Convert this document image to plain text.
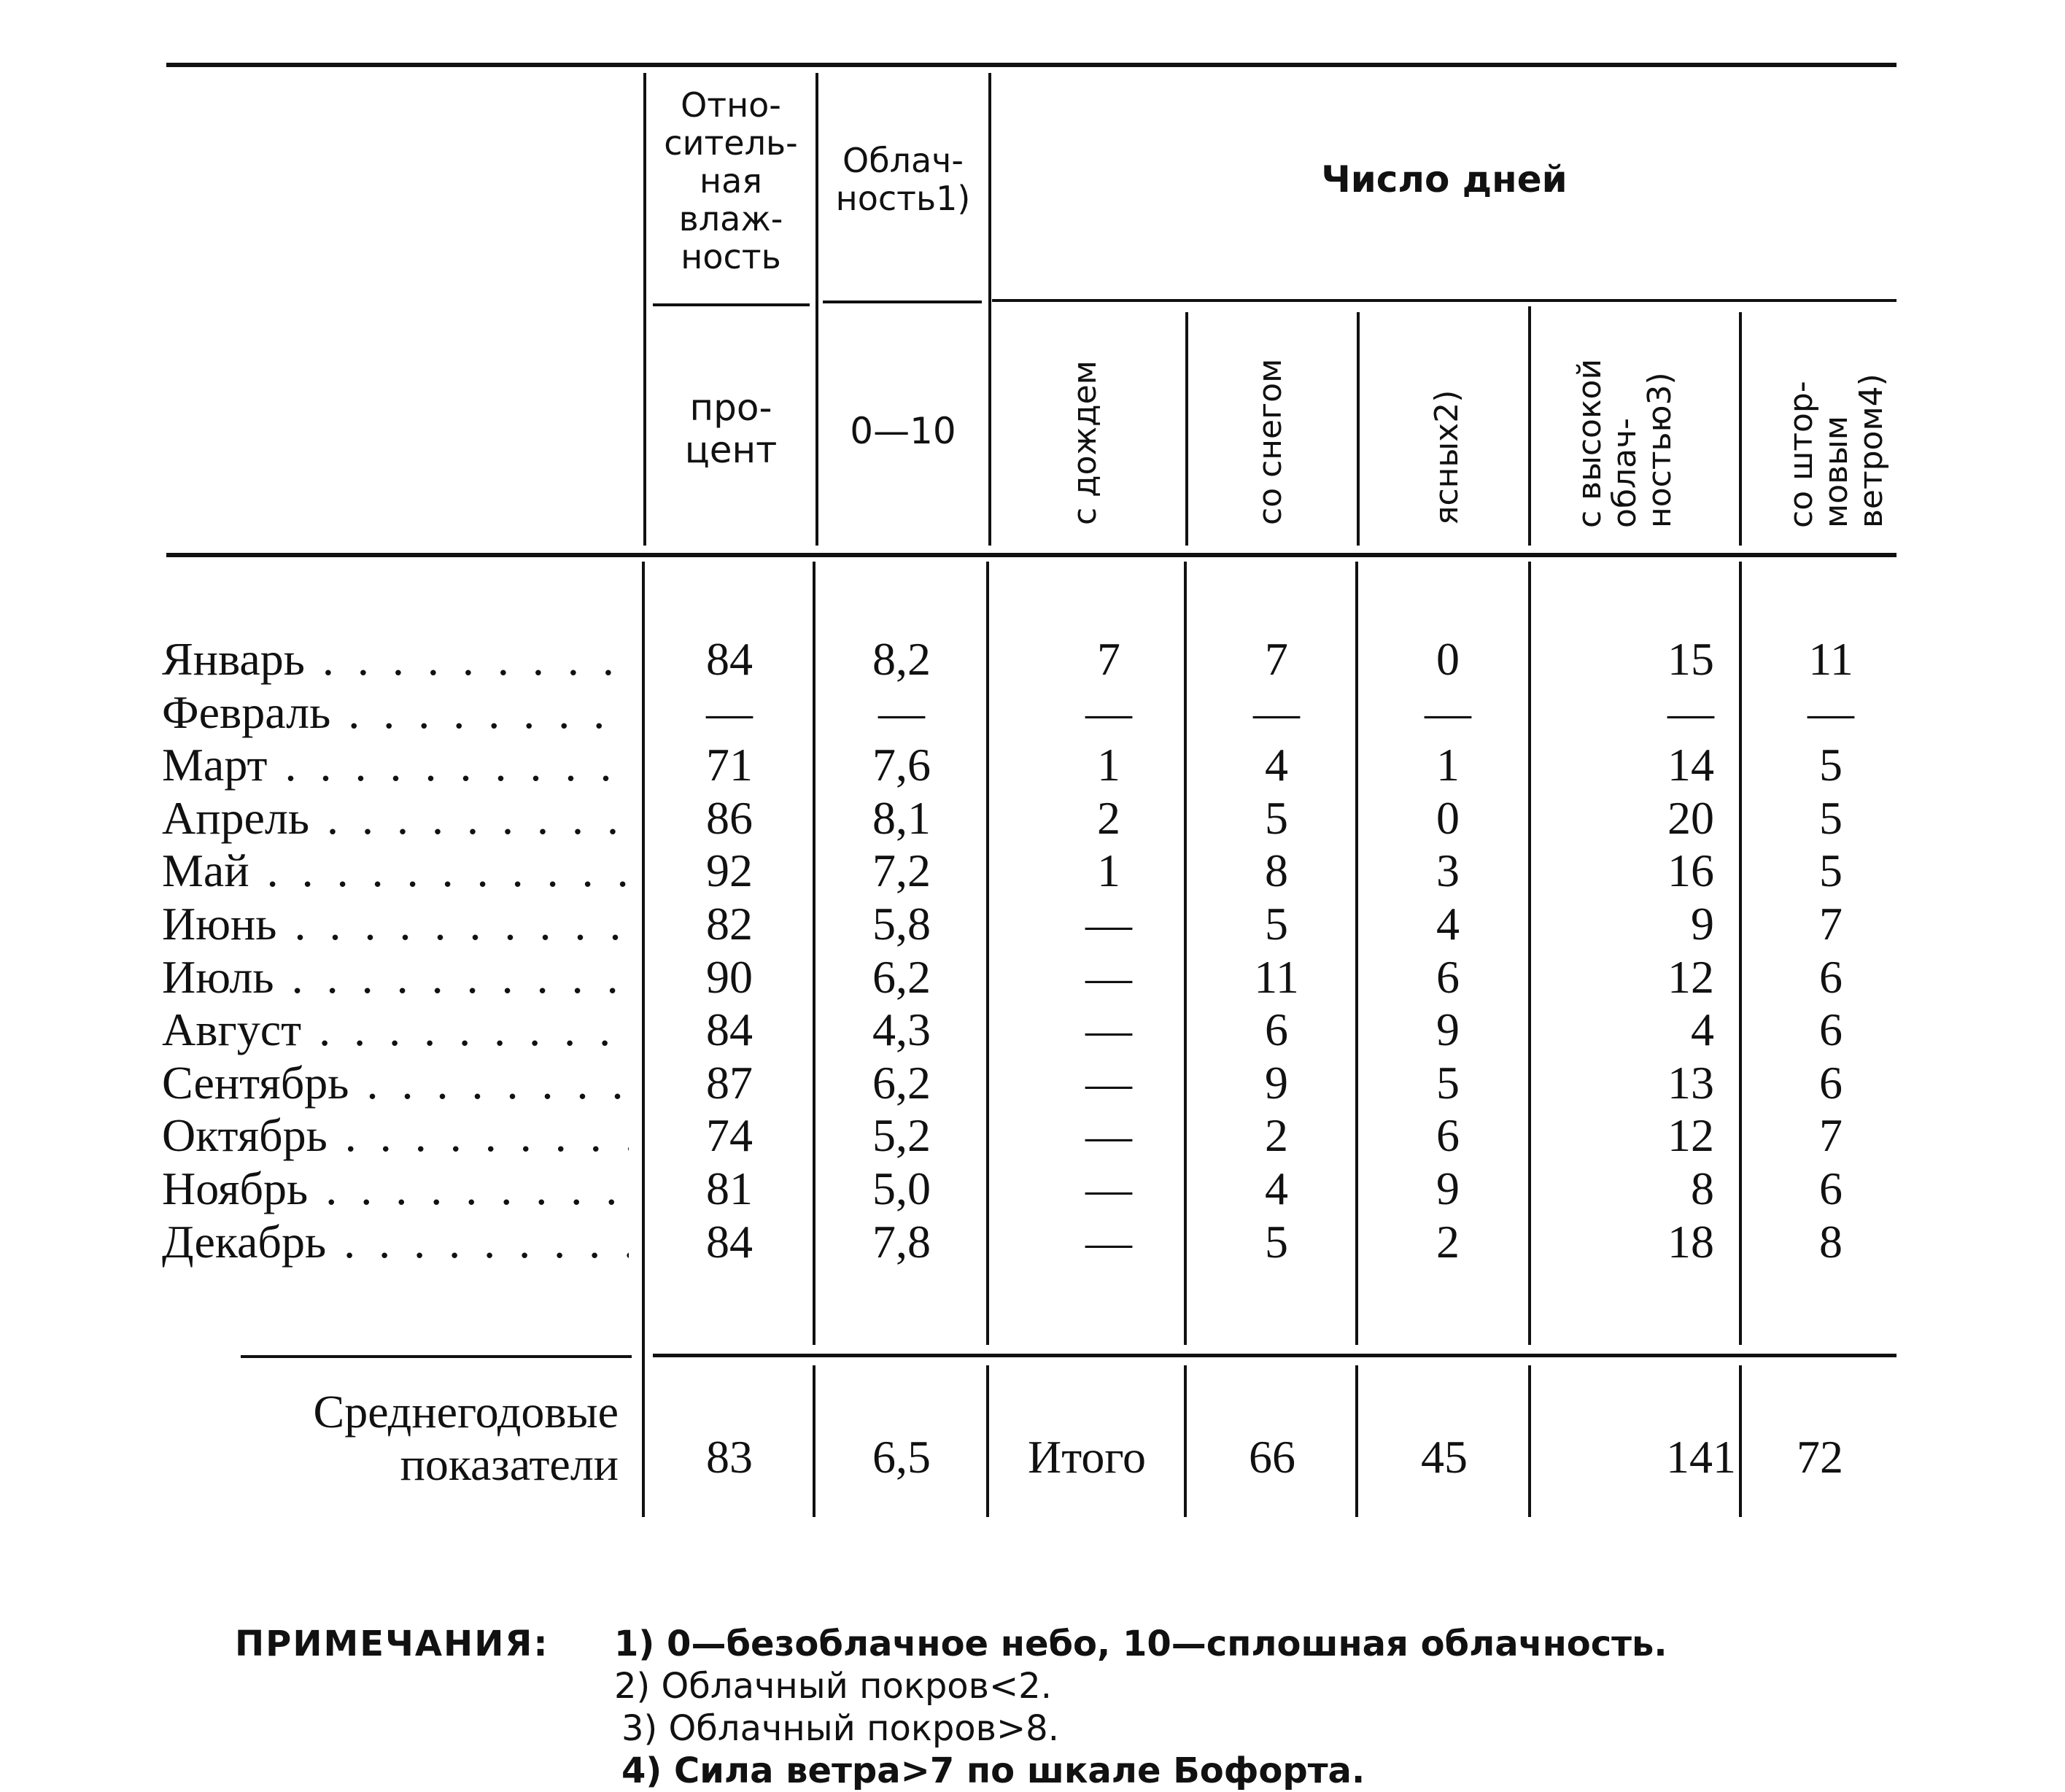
Отно-
ситель-
ная
влаж-
ность
Облач-
ность1)	Число дней
про-
цент	0—10	с дождем	со снегом	ясных2)	с высокой
облач-
ностью3)	со штор-
мовым
ветром4)
Январь . . .	84	8,2	7	7	0	15	11
Февраль . . .	—	—	—	—	—	—	—
Март . . .	71	7,6	1	4	1	14	5
Апрель . . .	86	8,1	2	5	0	20	5
Май . . .	92	7,2	1	8	3	16	5
Июнь . . .	82	5,8	—	5	4	9	7
Июль . . .	90	6,2	—	11	6	12	6
Август . . .	84	4,3	—	6	9	4	6
Сентябрь . . .	87	6,2	—	9	5	13	6
Октябрь . . .	74	5,2	—	2	6	12	7
Ноябрь . . .	81	5,0	—	4	9	8	6
Декабрь . . .	84	7,8	—	5	2	18	8
Среднегодовые
показатели	83	6,5	Итого	66	45	141	72
ПРИМЕЧАНИЯ: 1) 0—безоблачное небо, 10—сплошная облачность.
2) Облачный покров<2.
3) Облачный покров>8.
4) Сила ветра>7 по шкале Бофорта.
